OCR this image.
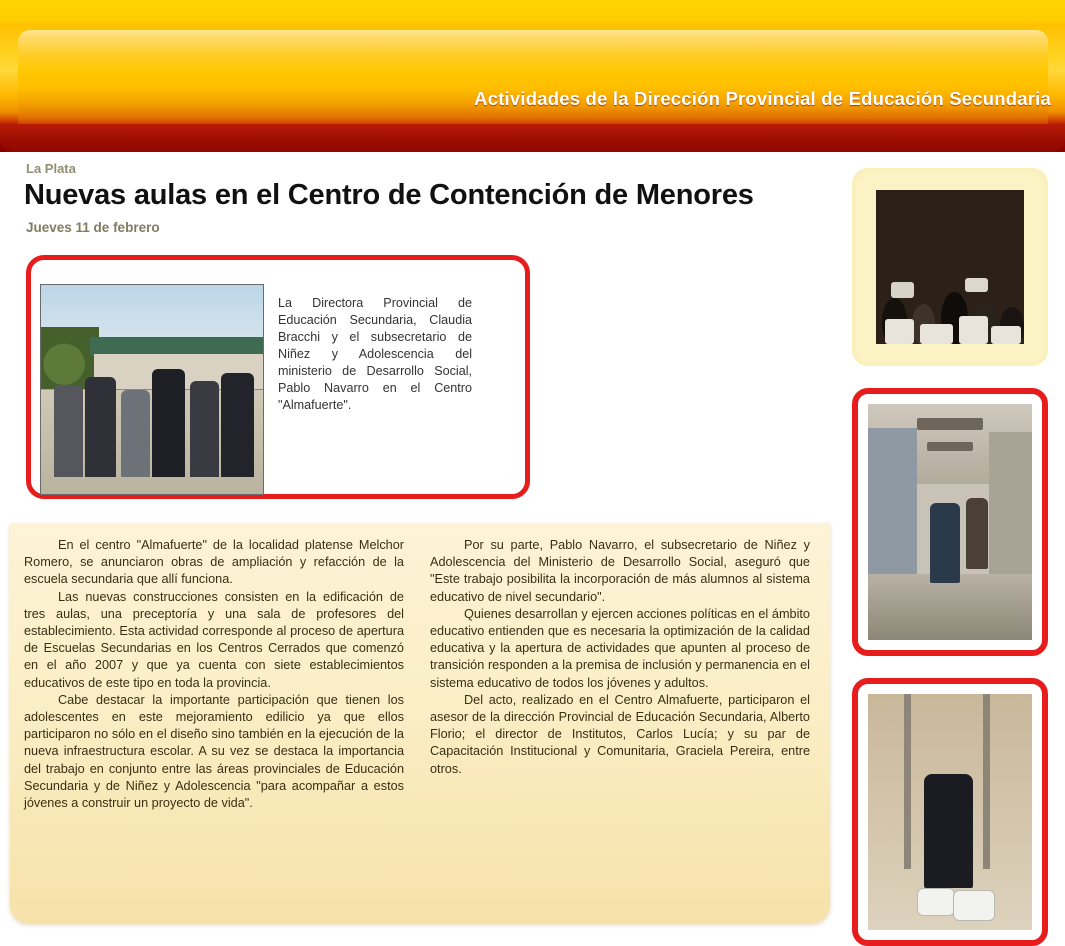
Actividades de la Dirección Provincial de Educación Secundaria
La Plata
Nuevas aulas en el Centro de Contención de Menores
Jueves 11 de febrero
La Directora Provincial de Educación Secundaria, Claudia Bracchi y el subsecretario de Niñez y Adolescencia del ministerio de Desarrollo Social, Pablo Navarro en el Centro "Almafuerte".

En el centro "Almafuerte" de la localidad platense Melchor Romero, se anunciaron obras de ampliación y refacción de la escuela secundaria que allí funciona.

Las nuevas construcciones consisten en la edificación de tres aulas, una preceptoría y una sala de profesores del establecimiento. Esta actividad corresponde al proceso de apertura de Escuelas Secundarias en los Centros Cerrados que comenzó en el año 2007 y que ya cuenta con siete establecimientos educativos de este tipo en toda la provincia.

Cabe destacar la importante participación que tienen los adolescentes en este mejoramiento edilicio ya que ellos participaron no sólo en el diseño sino también en la ejecución de la nueva infraestructura escolar. A su vez se destaca la importancia del trabajo en conjunto entre las áreas provinciales de Educación Secundaria y de Niñez y Adolescencia "para acompañar a estos jóvenes a construir un proyecto de vida".

Por su parte, Pablo Navarro, el subsecretario de Niñez y Adolescencia del Ministerio de Desarrollo Social, aseguró que "Este trabajo posibilita la incorporación de más alumnos al sistema educativo de nivel secundario".

Quienes desarrollan y ejercen acciones políticas en el ámbito educativo entienden que es necesaria la optimización de la calidad educativa y la apertura de actividades que apunten al proceso de transición responden a la premisa de inclusión y permanencia en el sistema educativo de todos los jóvenes y adultos.

Del acto, realizado en el Centro Almafuerte, participaron el asesor de la dirección Provincial de Educación Secundaria, Alberto Florio; el director de Institutos, Carlos Lucía; y su par de Capacitación Institucional y Comunitaria, Graciela Pereira, entre otros.
